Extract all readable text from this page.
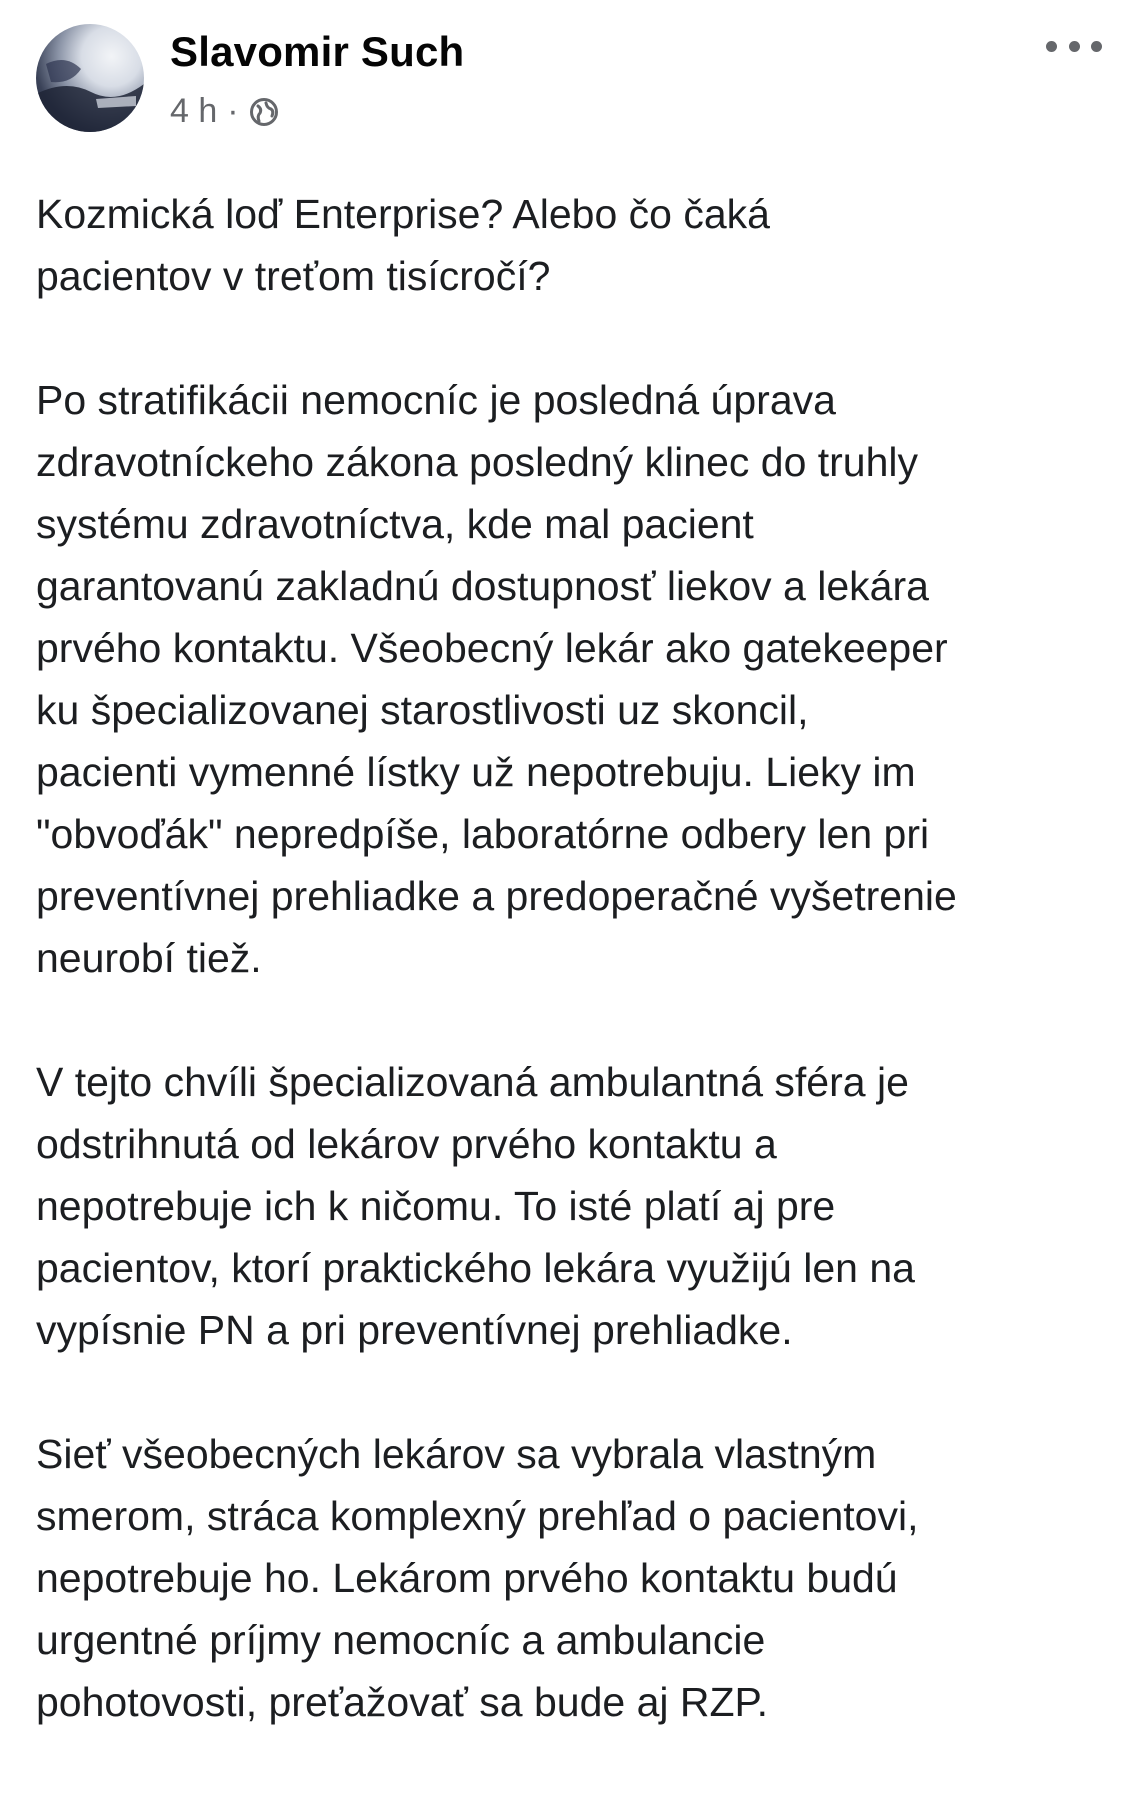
Slavomir Such
4 h ·

Kozmická loď Enterprise? Alebo čo čaká
pacientov v treťom tisícročí?

Po stratifikácii nemocníc je posledná úprava
zdravotníckeho zákona posledný klinec do truhly
systému zdravotníctva, kde mal pacient
garantovanú zakladnú dostupnosť liekov a lekára
prvého kontaktu. Všeobecný lekár ako gatekeeper
ku špecializovanej starostlivosti uz skoncil,
pacienti vymenné lístky už nepotrebuju. Lieky im
"obvoďák" nepredpíše, laboratórne odbery len pri
preventívnej prehliadke a predoperačné vyšetrenie
neurobí tiež.

V tejto chvíli špecializovaná ambulantná sféra je
odstrihnutá od lekárov prvého kontaktu a
nepotrebuje ich k ničomu. To isté platí aj pre
pacientov, ktorí praktického lekára využijú len na
vypísnie PN a pri preventívnej prehliadke.

Sieť všeobecných lekárov sa vybrala vlastným
smerom, stráca komplexný prehľad o pacientovi,
nepotrebuje ho. Lekárom prvého kontaktu budú
urgentné príjmy nemocníc a ambulancie
pohotovosti, preťažovať sa bude aj RZP.
